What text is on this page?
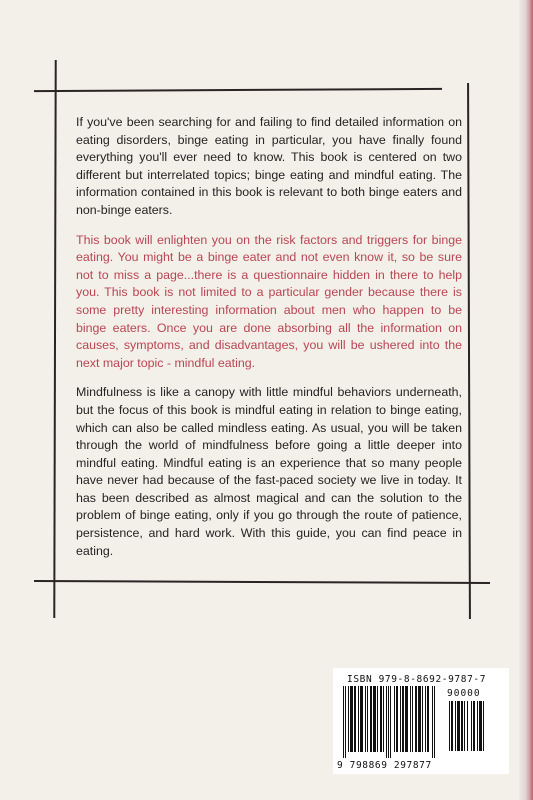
If you've been searching for and failing to find detailed information on eating disorders, binge eating in particular, you have finally found everything you'll ever need to know. This book is centered on two different but interrelated topics; binge eating and mindful eating. The information contained in this book is relevant to both binge eaters and non-binge eaters.

This book will enlighten you on the risk factors and triggers for binge eating. You might be a binge eater and not even know it, so be sure not to miss a page...there is a questionnaire hidden in there to help you. This book is not limited to a particular gender because there is some pretty interesting information about men who happen to be binge eaters. Once you are done absorbing all the information on causes, symptoms, and disadvantages, you will be ushered into the next major topic - mindful eating.

Mindfulness is like a canopy with little mindful behaviors underneath, but the focus of this book is mindful eating in relation to binge eating, which can also be called mindless eating. As usual, you will be taken through the world of mindfulness before going a little deeper into mindful eating. Mindful eating is an experience that so many people have never had because of the fast-paced society we live in today. It has been described as almost magical and can the solution to the problem of binge eating, only if you go through the route of patience, persistence, and hard work. With this guide, you can find peace in eating.

ISBN 979-8-8692-9787-7
90000
9 798869 297877
